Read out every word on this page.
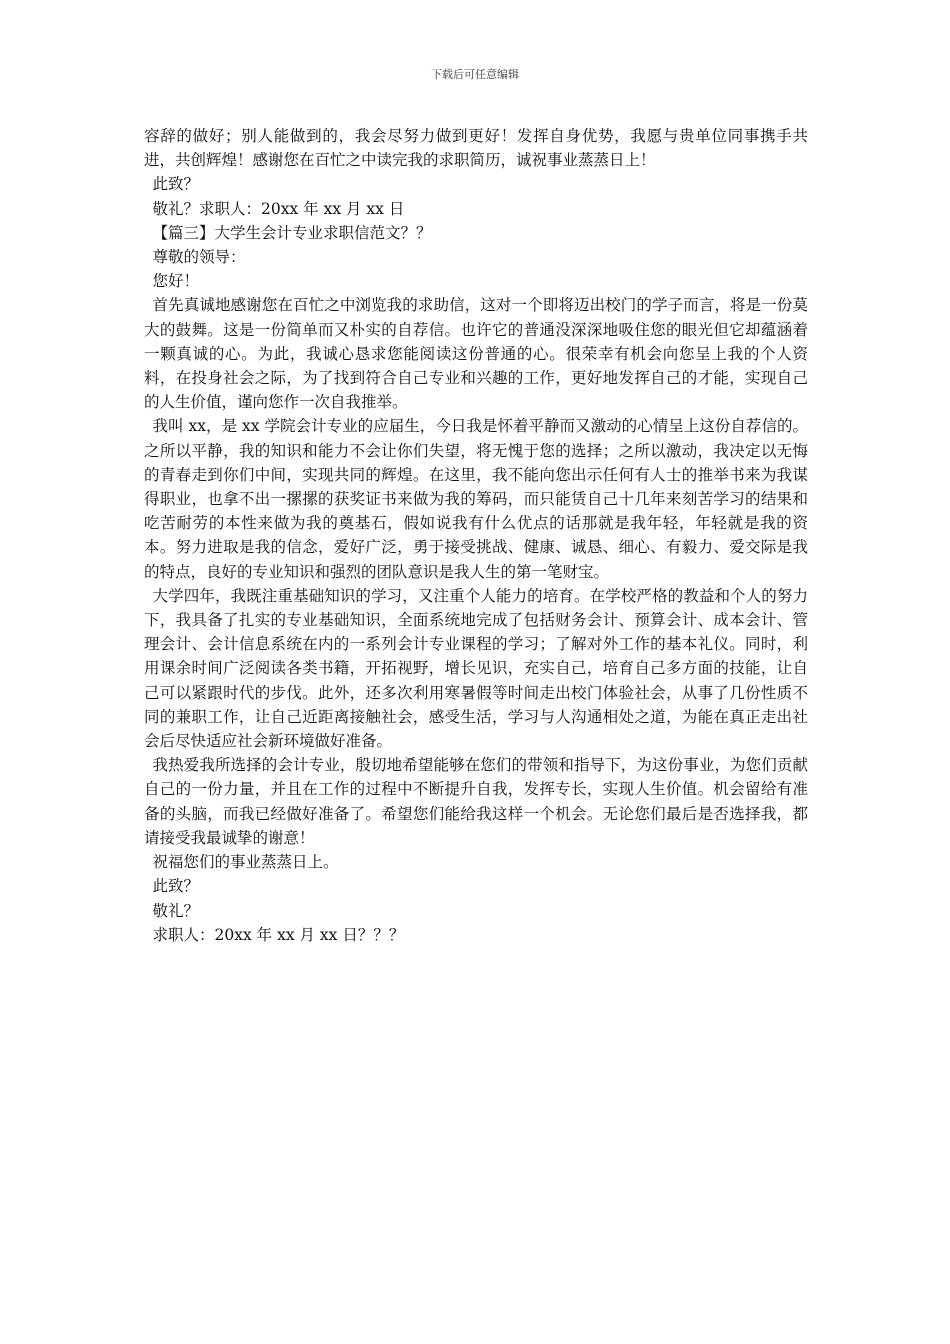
下载后可任意编辑

容辞的做好；别人能做到的，我会尽努力做到更好！发挥自身优势，我愿与贵单位同事携手共进，共创辉煌！感谢您在百忙之中读完我的求职简历，诚祝事业蒸蒸日上！

此致？

敬礼？求职人：20xx 年 xx 月 xx 日

【篇三】大学生会计专业求职信范文？？

尊敬的领导：

您好！

首先真诚地感谢您在百忙之中浏览我的求助信，这对一个即将迈出校门的学子而言，将是一份莫大的鼓舞。这是一份简单而又朴实的自荐信。也许它的普通没深深地吸住您的眼光但它却蕴涵着一颗真诚的心。为此，我诚心恳求您能阅读这份普通的心。很荣幸有机会向您呈上我的个人资料，在投身社会之际，为了找到符合自己专业和兴趣的工作，更好地发挥自己的才能，实现自己的人生价值，谨向您作一次自我推举。

我叫 xx，是 xx 学院会计专业的应届生，今日我是怀着平静而又激动的心情呈上这份自荐信的。之所以平静，我的知识和能力不会让你们失望，将无愧于您的选择；之所以激动，我决定以无悔的青春走到你们中间，实现共同的辉煌。在这里，我不能向您出示任何有人士的推举书来为我谋得职业，也拿不出一摞摞的获奖证书来做为我的筹码，而只能赁自己十几年来刻苦学习的结果和吃苦耐劳的本性来做为我的奠基石，假如说我有什么优点的话那就是我年轻，年轻就是我的资本。努力进取是我的信念，爱好广泛，勇于接受挑战、健康、诚恳、细心、有毅力、爱交际是我的特点，良好的专业知识和强烈的团队意识是我人生的第一笔财宝。

大学四年，我既注重基础知识的学习，又注重个人能力的培育。在学校严格的教益和个人的努力下，我具备了扎实的专业基础知识，全面系统地完成了包括财务会计、预算会计、成本会计、管理会计、会计信息系统在内的一系列会计专业课程的学习；了解对外工作的基本礼仪。同时，利用课余时间广泛阅读各类书籍，开拓视野，增长见识，充实自己，培育自己多方面的技能，让自己可以紧跟时代的步伐。此外，还多次利用寒暑假等时间走出校门体验社会，从事了几份性质不同的兼职工作，让自己近距离接触社会，感受生活，学习与人沟通相处之道，为能在真正走出社会后尽快适应社会新环境做好准备。

我热爱我所选择的会计专业，殷切地希望能够在您们的带领和指导下，为这份事业，为您们贡献自己的一份力量，并且在工作的过程中不断提升自我，发挥专长，实现人生价值。机会留给有准备的头脑，而我已经做好准备了。希望您们能给我这样一个机会。无论您们最后是否选择我，都请接受我最诚挚的谢意！

祝福您们的事业蒸蒸日上。

此致？

敬礼？

求职人：20xx 年 xx 月 xx 日？？？
